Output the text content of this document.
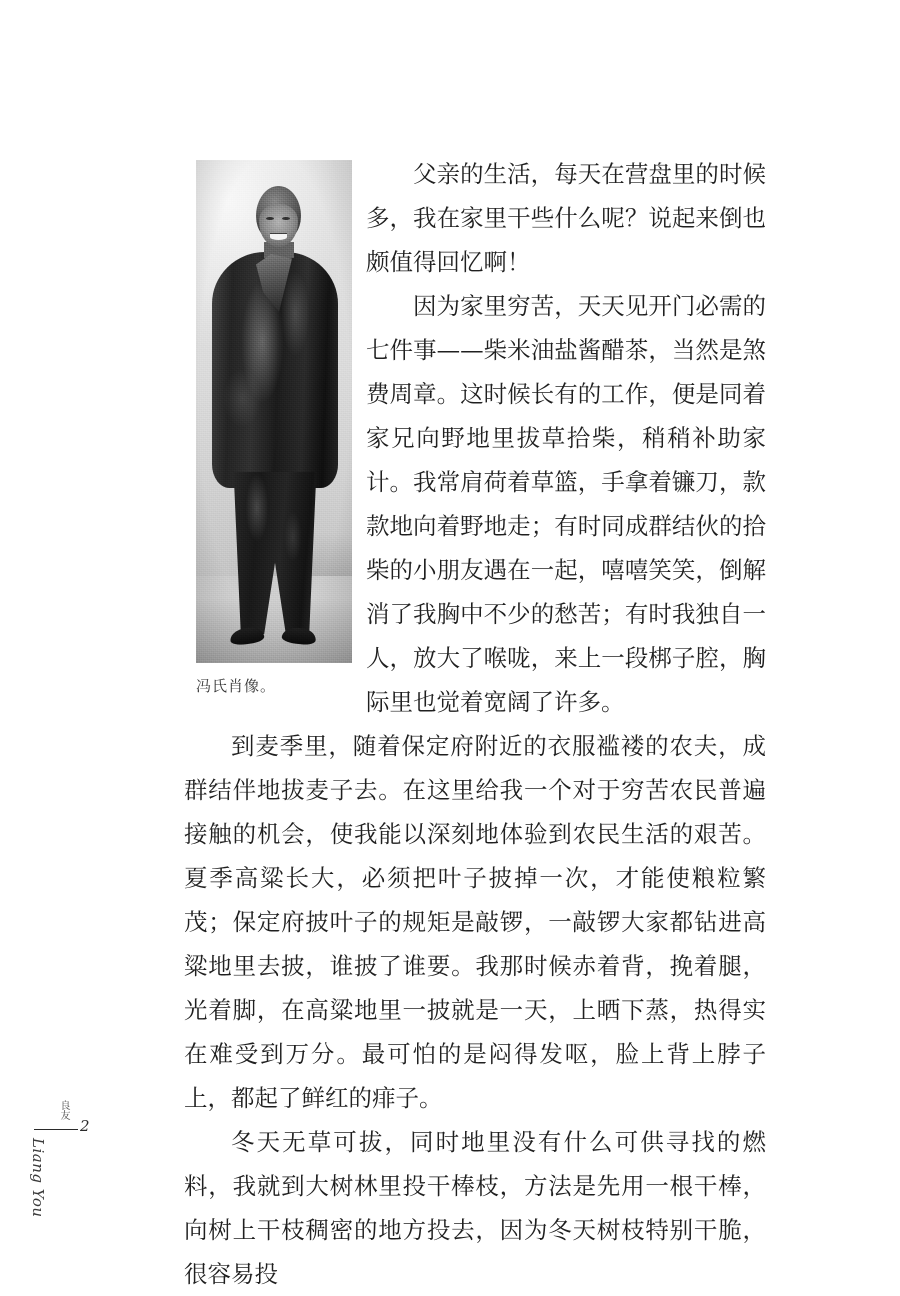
良友
2
Liang You
冯氏肖像。

父亲的生活，每天在营盘里的时候多，我在家里干些什么呢？说起来倒也颇值得回忆啊！

因为家里穷苦，天天见开门必需的七件事——柴米油盐酱醋茶，当然是煞费周章。这时候长有的工作，便是同着家兄向野地里拔草拾柴，稍稍补助家计。我常肩荷着草篮，手拿着镰刀，款款地向着野地走；有时同成群结伙的拾柴的小朋友遇在一起，嘻嘻笑笑，倒解消了我胸中不少的愁苦；有时我独自一人，放大了喉咙，来上一段梆子腔，胸际里也觉着宽阔了许多。

到麦季里，随着保定府附近的衣服褴褛的农夫，成群结伴地拔麦子去。在这里给我一个对于穷苦农民普遍接触的机会，使我能以深刻地体验到农民生活的艰苦。夏季高粱长大，必须把叶子披掉一次，才能使粮粒繁茂；保定府披叶子的规矩是敲锣，一敲锣大家都钻进高粱地里去披，谁披了谁要。我那时候赤着背，挽着腿，光着脚，在高粱地里一披就是一天，上晒下蒸，热得实在难受到万分。最可怕的是闷得发呕，脸上背上脖子上，都起了鲜红的痱子。

冬天无草可拔，同时地里没有什么可供寻找的燃料，我就到大树林里投干棒枝，方法是先用一根干棒，向树上干枝稠密的地方投去，因为冬天树枝特别干脆，很容易投
